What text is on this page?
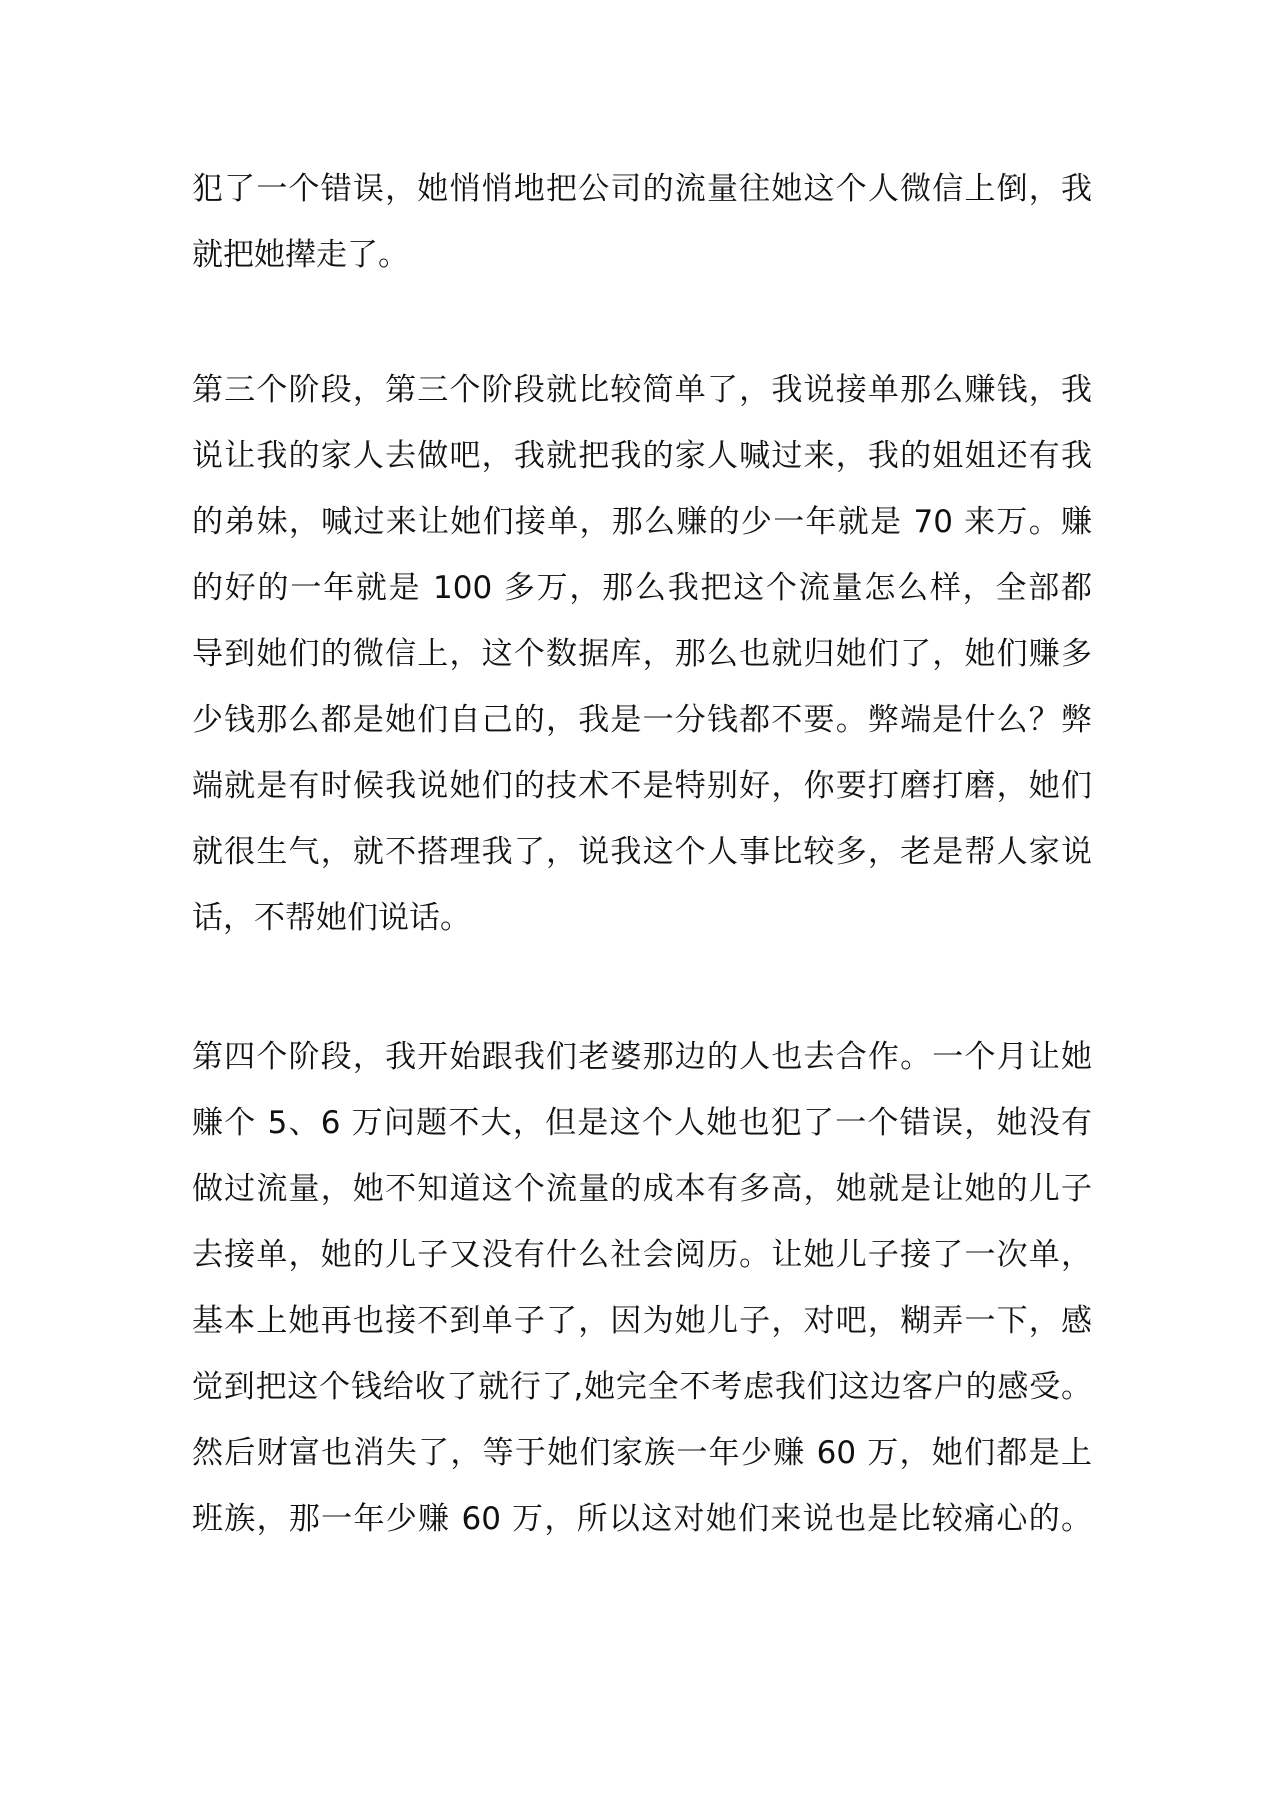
犯了一个错误，她悄悄地把公司的流量往她这个人微信上倒，我
就把她撵走了。
第三个阶段，第三个阶段就比较简单了，我说接单那么赚钱，我
说让我的家人去做吧，我就把我的家人喊过来，我的姐姐还有我
的弟妹，喊过来让她们接单，那么赚的少一年就是 70 来万。赚
的好的一年就是 100 多万，那么我把这个流量怎么样，全部都
导到她们的微信上，这个数据库，那么也就归她们了，她们赚多
少钱那么都是她们自己的，我是一分钱都不要。弊端是什么？弊
端就是有时候我说她们的技术不是特别好，你要打磨打磨，她们
就很生气，就不搭理我了，说我这个人事比较多，老是帮人家说
话，不帮她们说话。
第四个阶段，我开始跟我们老婆那边的人也去合作。一个月让她
赚个 5、6 万问题不大，但是这个人她也犯了一个错误，她没有
做过流量，她不知道这个流量的成本有多高，她就是让她的儿子
去接单，她的儿子又没有什么社会阅历。让她儿子接了一次单，
基本上她再也接不到单子了，因为她儿子，对吧，糊弄一下，感
觉到把这个钱给收了就行了,她完全不考虑我们这边客户的感受。
然后财富也消失了，等于她们家族一年少赚 60 万，她们都是上
班族，那一年少赚 60 万，所以这对她们来说也是比较痛心的。
